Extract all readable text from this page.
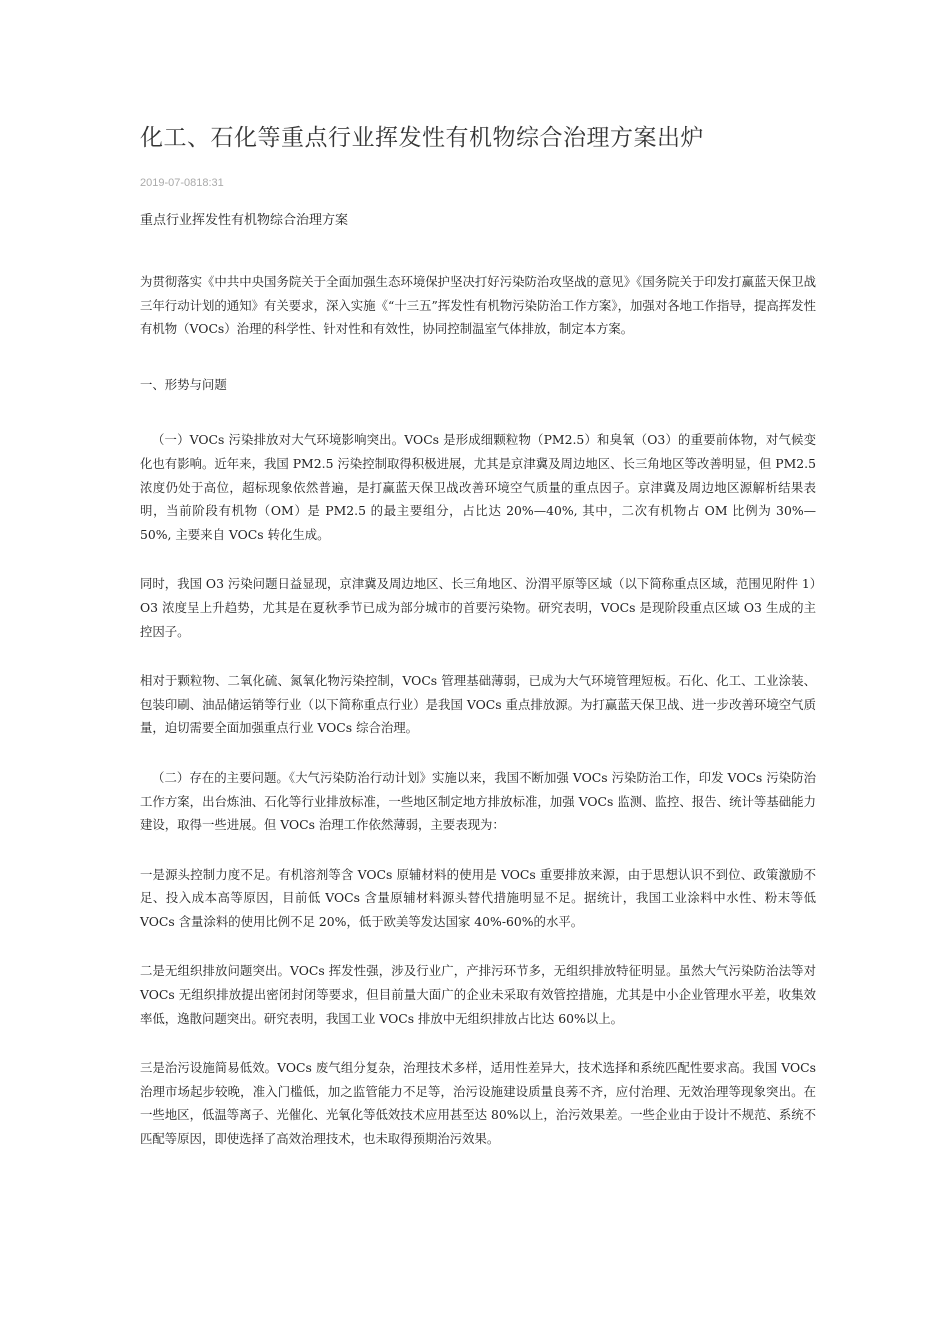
化工、石化等重点行业挥发性有机物综合治理方案出炉
2019-07-0818:31
重点行业挥发性有机物综合治理方案

为贯彻落实《中共中央国务院关于全面加强生态环境保护坚决打好污染防治攻坚战的意见》《国务院关于印发打赢蓝天保卫战三年行动计划的通知》有关要求，深入实施《“十三五”挥发性有机物污染防治工作方案》，加强对各地工作指导，提高挥发性有机物（VOCs）治理的科学性、针对性和有效性，协同控制温室气体排放，制定本方案。

一、形势与问题

（一）VOCs 污染排放对大气环境影响突出。VOCs 是形成细颗粒物（PM2.5）和臭氧（O3）的重要前体物，对气候变化也有影响。近年来，我国 PM2.5 污染控制取得积极进展，尤其是京津冀及周边地区、长三角地区等改善明显，但 PM2.5 浓度仍处于高位，超标现象依然普遍，是打赢蓝天保卫战改善环境空气质量的重点因子。京津冀及周边地区源解析结果表明，当前阶段有机物（OM）是 PM2.5 的最主要组分，占比达 20%—40%, 其中，二次有机物占 OM 比例为 30%—50%, 主要来自 VOCs 转化生成。

同时，我国 O3 污染问题日益显现，京津冀及周边地区、长三角地区、汾渭平原等区域（以下简称重点区域，范围见附件 1）O3 浓度呈上升趋势，尤其是在夏秋季节已成为部分城市的首要污染物。研究表明，VOCs 是现阶段重点区域 O3 生成的主控因子。

相对于颗粒物、二氧化硫、氮氧化物污染控制，VOCs 管理基础薄弱，已成为大气环境管理短板。石化、化工、工业涂装、包装印刷、油品储运销等行业（以下简称重点行业）是我国 VOCs 重点排放源。为打赢蓝天保卫战、进一步改善环境空气质量，迫切需要全面加强重点行业 VOCs 综合治理。

（二）存在的主要问题。《大气污染防治行动计划》实施以来，我国不断加强 VOCs 污染防治工作，印发 VOCs 污染防治工作方案，出台炼油、石化等行业排放标准，一些地区制定地方排放标准，加强 VOCs 监测、监控、报告、统计等基础能力建设，取得一些进展。但 VOCs 治理工作依然薄弱，主要表现为：

一是源头控制力度不足。有机溶剂等含 VOCs 原辅材料的使用是 VOCs 重要排放来源，由于思想认识不到位、政策激励不足、投入成本高等原因，目前低 VOCs 含量原辅材料源头替代措施明显不足。据统计，我国工业涂料中水性、粉末等低 VOCs 含量涂料的使用比例不足 20%，低于欧美等发达国家 40%-60%的水平。

二是无组织排放问题突出。VOCs 挥发性强，涉及行业广，产排污环节多，无组织排放特征明显。虽然大气污染防治法等对 VOCs 无组织排放提出密闭封闭等要求，但目前量大面广的企业未采取有效管控措施，尤其是中小企业管理水平差，收集效率低，逸散问题突出。研究表明，我国工业 VOCs 排放中无组织排放占比达 60%以上。

三是治污设施简易低效。VOCs 废气组分复杂，治理技术多样，适用性差异大，技术选择和系统匹配性要求高。我国 VOCs 治理市场起步较晚，准入门槛低，加之监管能力不足等，治污设施建设质量良莠不齐，应付治理、无效治理等现象突出。在一些地区，低温等离子、光催化、光氧化等低效技术应用甚至达 80%以上，治污效果差。一些企业由于设计不规范、系统不匹配等原因，即使选择了高效治理技术，也未取得预期治污效果。
